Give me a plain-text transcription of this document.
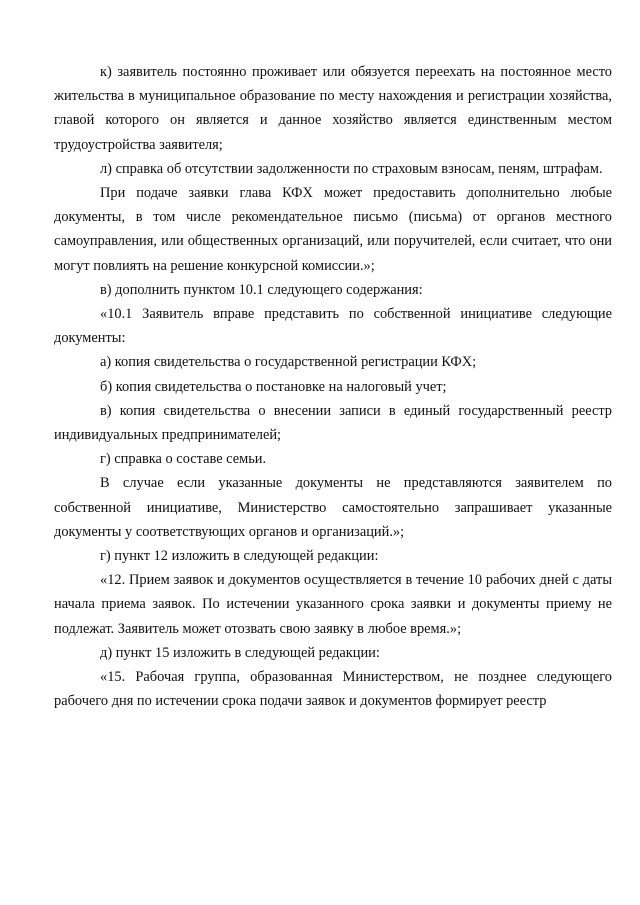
к) заявитель постоянно проживает или обязуется переехать на постоянное место жительства в муниципальное образование по месту нахождения и регистрации хозяйства, главой которого он является и данное хозяйство является единственным местом трудоустройства заявителя;

л) справка об отсутствии задолженности по страховым взносам, пеням, штрафам.

При подаче заявки глава КФХ может предоставить дополнительно любые документы, в том числе рекомендательное письмо (письма) от органов местного самоуправления, или общественных организаций, или поручителей, если считает, что они могут повлиять на решение конкурсной комиссии.»;

в) дополнить пунктом 10.1 следующего содержания:

«10.1 Заявитель вправе представить по собственной инициативе следующие документы:

а) копия свидетельства о государственной регистрации КФХ;

б) копия свидетельства о постановке на налоговый учет;

в) копия свидетельства о внесении записи в единый государственный реестр индивидуальных предпринимателей;

г) справка о составе семьи.

В случае если указанные документы не представляются заявителем по собственной инициативе, Министерство самостоятельно запрашивает указанные документы у соответствующих органов и организаций.»;

г) пункт 12 изложить в следующей редакции:

«12. Прием заявок и документов осуществляется в течение 10 рабочих дней с даты начала приема заявок. По истечении указанного срока заявки и документы приему не подлежат. Заявитель может отозвать свою заявку в любое время.»;

д) пункт 15 изложить в следующей редакции:

«15. Рабочая группа, образованная Министерством, не позднее следующего рабочего дня по истечении срока подачи заявок и документов формирует реестр
